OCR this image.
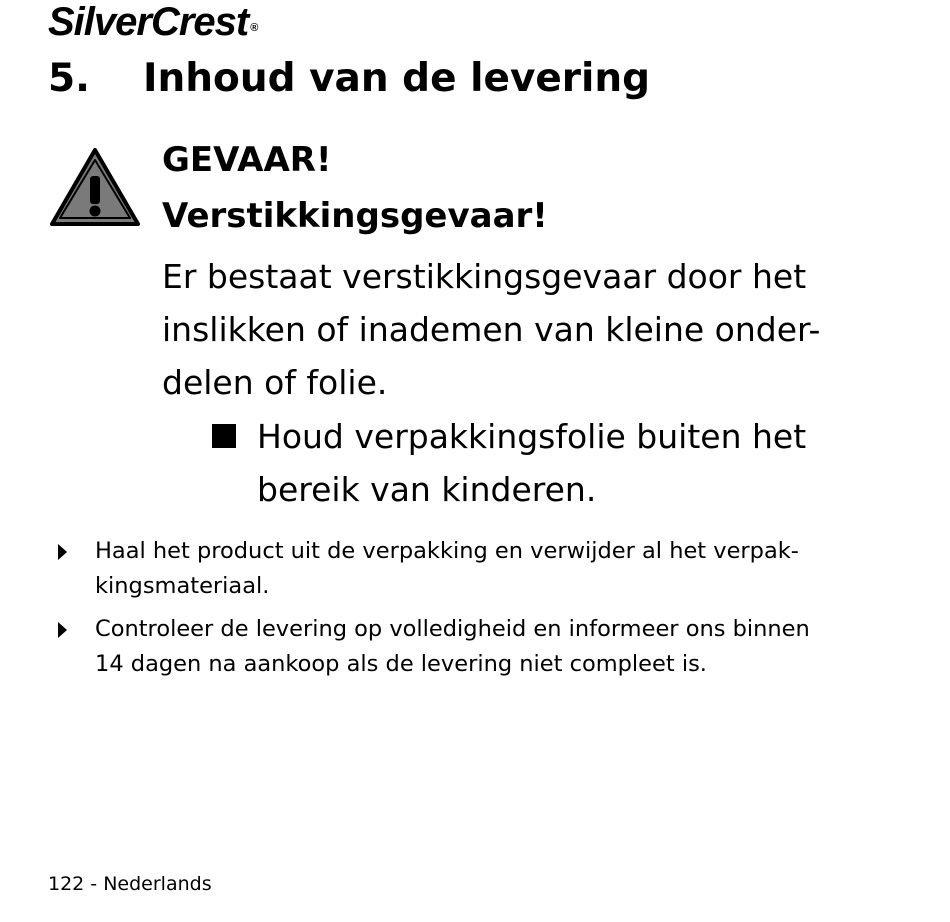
SilverCrest ®
5. Inhoud van de levering
GEVAAR!
Verstikkingsgevaar!
Er bestaat verstikkingsgevaar door het
inslikken of inademen van kleine onder-
delen of folie.
Houd verpakkingsfolie buiten het
bereik van kinderen.
Haal het product uit de verpakking en verwijder al het verpak-
kingsmateriaal.
Controleer de levering op volledigheid en informeer ons binnen
14 dagen na aankoop als de levering niet compleet is.
122 - Nederlands
